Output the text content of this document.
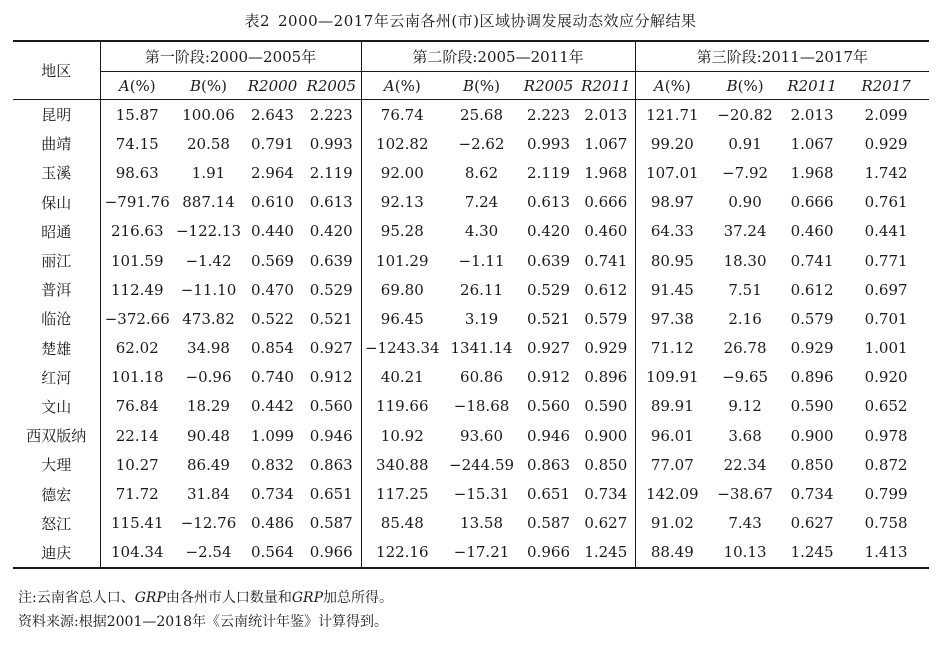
表2 2000—2017年云南各州(市)区域协调发展动态效应分解结果
地区	第一阶段:2000—2005年				第二阶段:2005—2011年				第三阶段:2011—2017年			
	A(%)	B(%)	R2000	R2005	A(%)	B(%)	R2005	R2011	A(%)	B(%)	R2011	R2017
昆明	15.87	100.06	2.643	2.223	76.74	25.68	2.223	2.013	121.71	−20.82	2.013	2.099
曲靖	74.15	20.58	0.791	0.993	102.82	−2.62	0.993	1.067	99.20	0.91	1.067	0.929
玉溪	98.63	1.91	2.964	2.119	92.00	8.62	2.119	1.968	107.01	−7.92	1.968	1.742
保山	−791.76	887.14	0.610	0.613	92.13	7.24	0.613	0.666	98.97	0.90	0.666	0.761
昭通	216.63	−122.13	0.440	0.420	95.28	4.30	0.420	0.460	64.33	37.24	0.460	0.441
丽江	101.59	−1.42	0.569	0.639	101.29	−1.11	0.639	0.741	80.95	18.30	0.741	0.771
普洱	112.49	−11.10	0.470	0.529	69.80	26.11	0.529	0.612	91.45	7.51	0.612	0.697
临沧	−372.66	473.82	0.522	0.521	96.45	3.19	0.521	0.579	97.38	2.16	0.579	0.701
楚雄	62.02	34.98	0.854	0.927	−1243.34	1341.14	0.927	0.929	71.12	26.78	0.929	1.001
红河	101.18	−0.96	0.740	0.912	40.21	60.86	0.912	0.896	109.91	−9.65	0.896	0.920
文山	76.84	18.29	0.442	0.560	119.66	−18.68	0.560	0.590	89.91	9.12	0.590	0.652
西双版纳	22.14	90.48	1.099	0.946	10.92	93.60	0.946	0.900	96.01	3.68	0.900	0.978
大理	10.27	86.49	0.832	0.863	340.88	−244.59	0.863	0.850	77.07	22.34	0.850	0.872
德宏	71.72	31.84	0.734	0.651	117.25	−15.31	0.651	0.734	142.09	−38.67	0.734	0.799
怒江	115.41	−12.76	0.486	0.587	85.48	13.58	0.587	0.627	91.02	7.43	0.627	0.758
迪庆	104.34	−2.54	0.564	0.966	122.16	−17.21	0.966	1.245	88.49	10.13	1.245	1.413
注:云南省总人口、GRP由各州市人口数量和GRP加总所得。
资料来源:根据2001—2018年《云南统计年鉴》计算得到。
